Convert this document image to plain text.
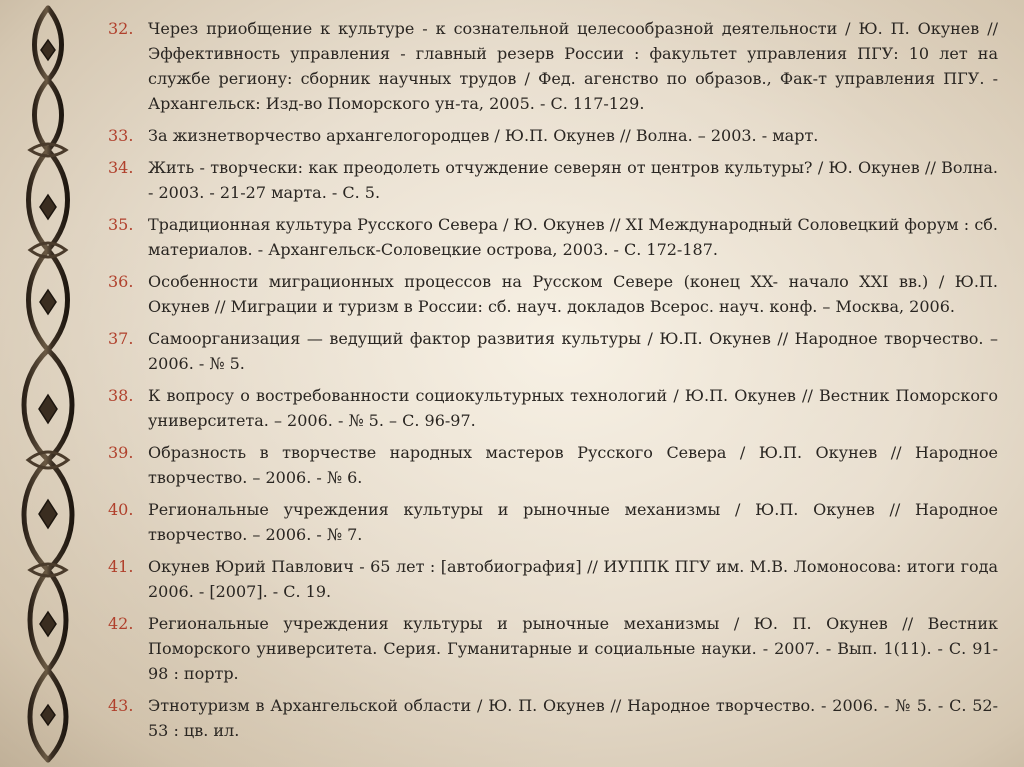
32. Через приобщение к культуре - к сознательной целесообразной деятельности / Ю. П. Окунев // Эффективность управления - главный резерв России : факультет управления ПГУ: 10 лет на службе региону: сборник научных трудов / Фед. агенство по образов., Фак-т управления ПГУ. - Архангельск: Изд-во Поморского ун-та, 2005. - С. 117-129.
33. За жизнетворчество архангелогородцев / Ю.П. Окунев // Волна. – 2003. - март.
34. Жить - творчески: как преодолеть отчуждение северян от центров культуры? / Ю. Окунев // Волна. - 2003. - 21-27 марта. - С. 5.
35. Традиционная культура Русского Севера / Ю. Окунев // XI Международный Соловецкий форум : сб. материалов. - Архангельск-Соловецкие острова, 2003. - С. 172-187.
36. Особенности миграционных процессов на Русском Севере (конец XX- начало XXI вв.) / Ю.П. Окунев // Миграции и туризм в России: сб. науч. докладов Всерос. науч. конф. – Москва, 2006.
37. Самоорганизация — ведущий фактор развития культуры / Ю.П. Окунев // Народное творчество. – 2006. - № 5.
38. К вопросу о востребованности социокультурных технологий / Ю.П. Окунев // Вестник Поморского университета. – 2006. - № 5. – С. 96-97.
39. Образность в творчестве народных мастеров Русского Севера / Ю.П. Окунев // Народное творчество. – 2006. - № 6.
40. Региональные учреждения культуры и рыночные механизмы / Ю.П. Окунев // Народное творчество. – 2006. - № 7.
41. Окунев Юрий Павлович - 65 лет : [автобиография] // ИУППК ПГУ им. М.В. Ломоносова: итоги года 2006. - [2007]. - С. 19.
42. Региональные учреждения культуры и рыночные механизмы / Ю. П. Окунев // Вестник Поморского университета. Серия. Гуманитарные и социальные науки. - 2007. - Вып. 1(11). - С. 91-98 : портр.
43. Этнотуризм в Архангельской области / Ю. П. Окунев // Народное творчество. - 2006. - № 5. - С. 52-53 : цв. ил.
